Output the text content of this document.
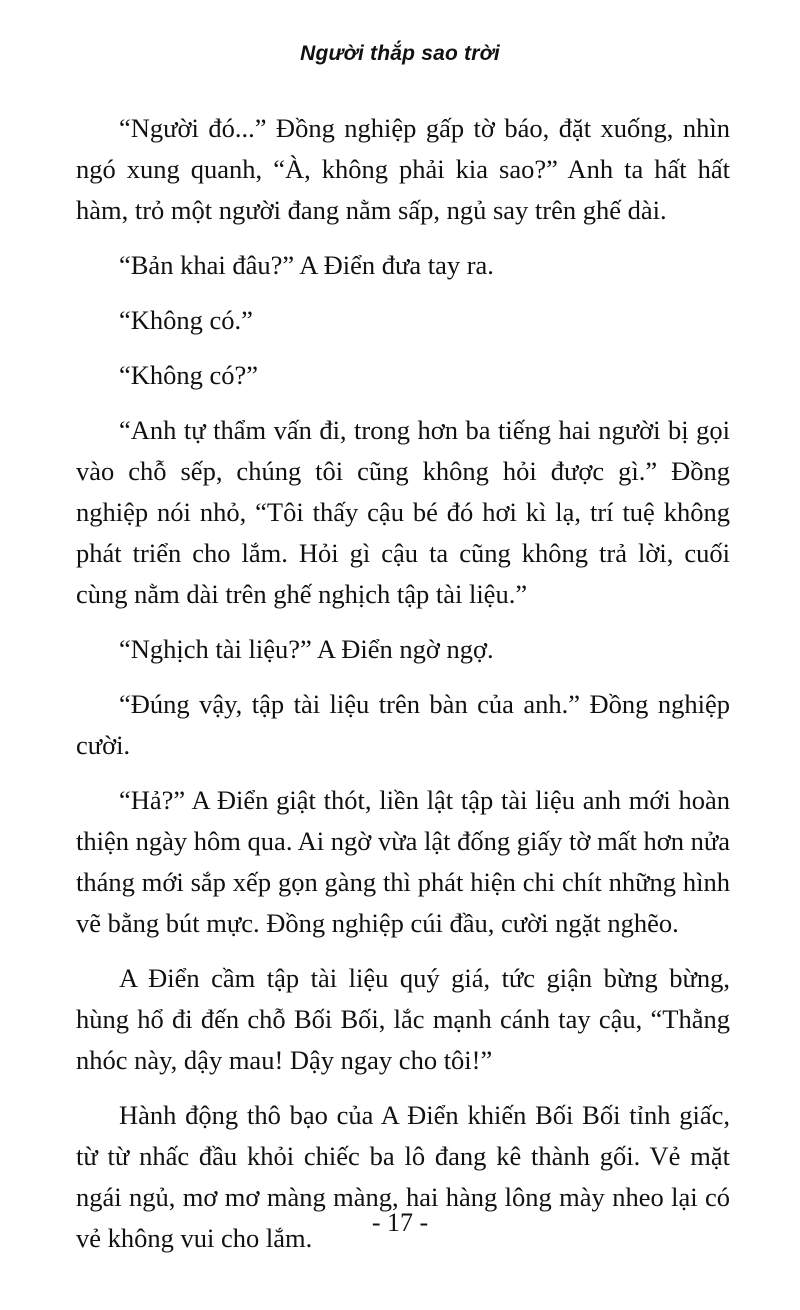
Người thắp sao trời

“Người đó...” Đồng nghiệp gấp tờ báo, đặt xuống, nhìn ngó xung quanh, “À, không phải kia sao?” Anh ta hất hất hàm, trỏ một người đang nằm sấp, ngủ say trên ghế dài.

“Bản khai đâu?” A Điển đưa tay ra.

“Không có.”

“Không có?”

“Anh tự thẩm vấn đi, trong hơn ba tiếng hai người bị gọi vào chỗ sếp, chúng tôi cũng không hỏi được gì.” Đồng nghiệp nói nhỏ, “Tôi thấy cậu bé đó hơi kì lạ, trí tuệ không phát triển cho lắm. Hỏi gì cậu ta cũng không trả lời, cuối cùng nằm dài trên ghế nghịch tập tài liệu.”

“Nghịch tài liệu?” A Điển ngờ ngợ.

“Đúng vậy, tập tài liệu trên bàn của anh.” Đồng nghiệp cười.

“Hả?” A Điển giật thót, liền lật tập tài liệu anh mới hoàn thiện ngày hôm qua. Ai ngờ vừa lật đống giấy tờ mất hơn nửa tháng mới sắp xếp gọn gàng thì phát hiện chi chít những hình vẽ bằng bút mực. Đồng nghiệp cúi đầu, cười ngặt nghẽo.

A Điển cầm tập tài liệu quý giá, tức giận bừng bừng, hùng hổ đi đến chỗ Bối Bối, lắc mạnh cánh tay cậu, “Thằng nhóc này, dậy mau! Dậy ngay cho tôi!”

Hành động thô bạo của A Điển khiến Bối Bối tỉnh giấc, từ từ nhấc đầu khỏi chiếc ba lô đang kê thành gối. Vẻ mặt ngái ngủ, mơ mơ màng màng, hai hàng lông mày nheo lại có vẻ không vui cho lắm.

- 17 -
